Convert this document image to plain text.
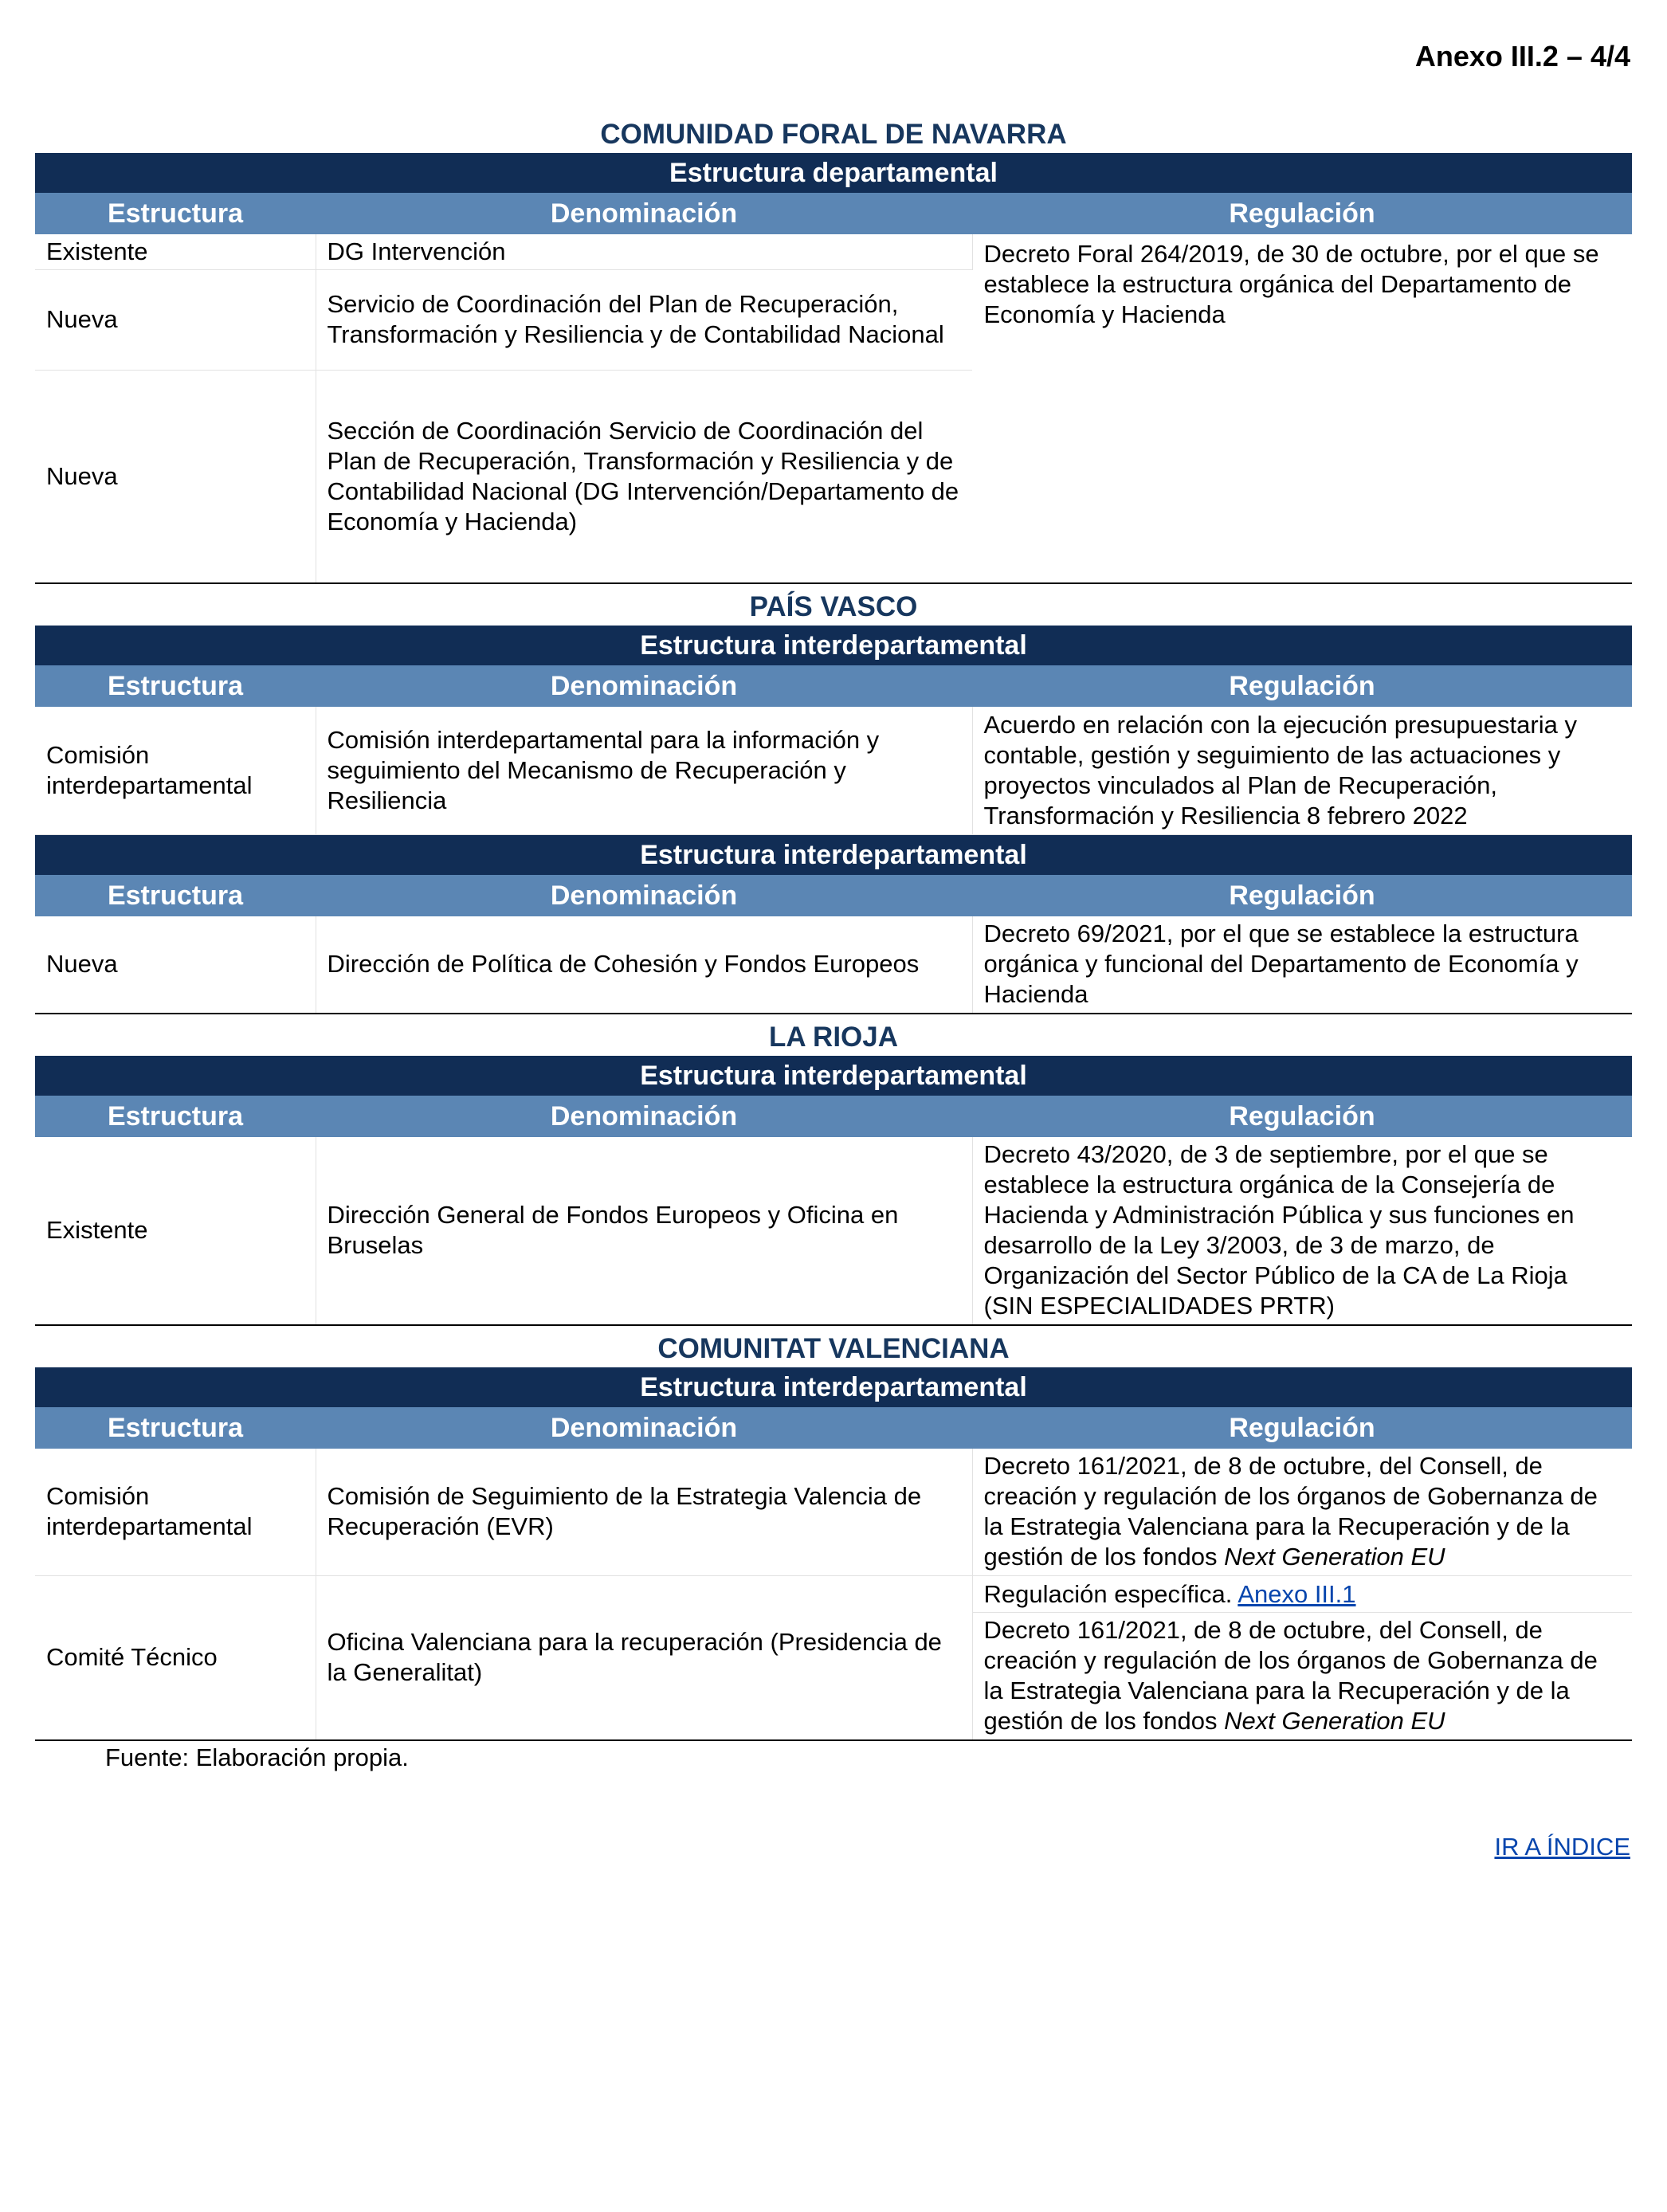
Anexo III.2 – 4/4
COMUNIDAD FORAL DE NAVARRA
Estructura departamental		
Estructura	Denominación	Regulación
Existente	DG Intervención	Decreto Foral 264/2019, de 30 de octubre, por el que se establece la estructura orgánica del Departamento de Economía y Hacienda
Nueva	Servicio de Coordinación del Plan de Recuperación, Transformación y Resiliencia y de Contabilidad Nacional	
Nueva	Sección de Coordinación Servicio de Coordinación del Plan de Recuperación, Transformación y Resiliencia y de Contabilidad Nacional (DG Intervención/Departamento de Economía y Hacienda)	
PAÍS VASCO
Estructura interdepartamental		
Estructura	Denominación	Regulación
Comisión interdepartamental	Comisión interdepartamental para la información y seguimiento del Mecanismo de Recuperación y Resiliencia	Acuerdo en relación con la ejecución presupuestaria y contable, gestión y seguimiento de las actuaciones y proyectos vinculados al Plan de Recuperación, Transformación y Resiliencia 8 febrero 2022
Estructura interdepartamental		
Estructura	Denominación	Regulación
Nueva	Dirección de Política de Cohesión y Fondos Europeos	Decreto 69/2021, por el que se establece la estructura orgánica y funcional del Departamento de Economía y Hacienda
LA RIOJA
Estructura interdepartamental		
Estructura	Denominación	Regulación
Existente	Dirección General de Fondos Europeos y Oficina en Bruselas	Decreto 43/2020, de 3 de septiembre, por el que se establece la estructura orgánica de la Consejería de Hacienda y Administración Pública y sus funciones en desarrollo de la Ley 3/2003, de 3 de marzo, de Organización del Sector Público de la CA de La Rioja (SIN ESPECIALIDADES PRTR)
COMUNITAT VALENCIANA
Estructura interdepartamental		
Estructura	Denominación	Regulación
Comisión interdepartamental	Comisión de Seguimiento de la Estrategia Valencia de Recuperación (EVR)	Decreto 161/2021, de 8 de octubre, del Consell, de creación y regulación de los órganos de Gobernanza de la Estrategia Valenciana para la Recuperación y de la gestión de los fondos Next Generation EU
Comité Técnico	Oficina Valenciana para la recuperación (Presidencia de la Generalitat)	Regulación específica. Anexo III.1
		Decreto 161/2021, de 8 de octubre, del Consell, de creación y regulación de los órganos de Gobernanza de la Estrategia Valenciana para la Recuperación y de la gestión de los fondos Next Generation EU
Fuente: Elaboración propia.
IR A ÍNDICE
